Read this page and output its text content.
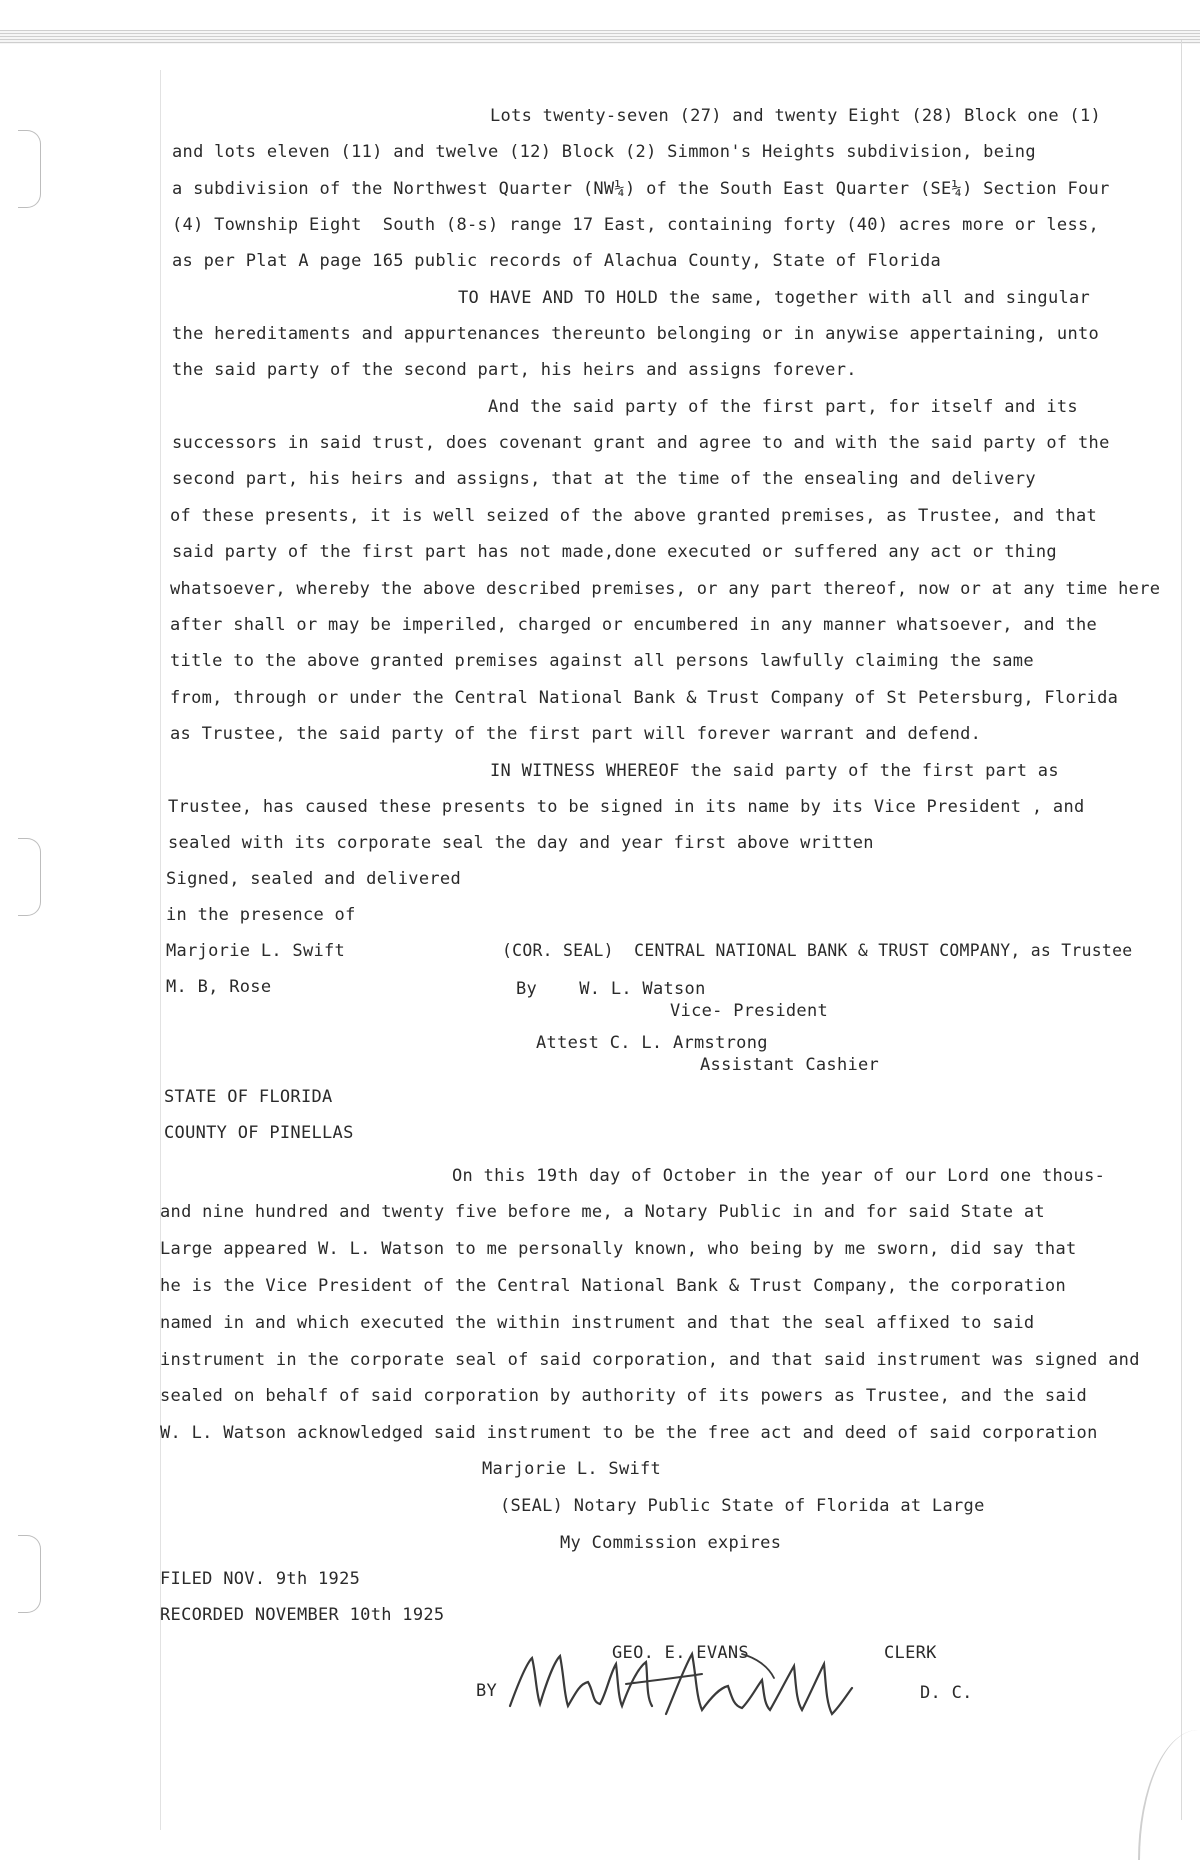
Lots twenty-seven (27) and twenty Eight (28) Block one (1)
and lots eleven (11) and twelve (12) Block (2) Simmon's Heights subdivision, being
a subdivision of the Northwest Quarter (NW¼) of the South East Quarter (SE¼) Section Four
(4) Township Eight  South (8-s) range 17 East, containing forty (40) acres more or less,
as per Plat A page 165 public records of Alachua County, State of Florida
TO HAVE AND TO HOLD the same, together with all and singular
the hereditaments and appurtenances thereunto belonging or in anywise appertaining, unto
the said party of the second part, his heirs and assigns forever.
And the said party of the first part, for itself and its
successors in said trust, does covenant grant and agree to and with the said party of the
second part, his heirs and assigns, that at the time of the ensealing and delivery
of these presents, it is well seized of the above granted premises, as Trustee, and that
said party of the first part has not made,done executed or suffered any act or thing
whatsoever, whereby the above described premises, or any part thereof, now or at any time here
after shall or may be imperiled, charged or encumbered in any manner whatsoever, and the
title to the above granted premises against all persons lawfully claiming the same
from, through or under the Central National Bank & Trust Company of St Petersburg, Florida
as Trustee, the said party of the first part will forever warrant and defend.
IN WITNESS WHEREOF the said party of the first part as
Trustee, has caused these presents to be signed in its name by its Vice President , and
sealed with its corporate seal the day and year first above written
Signed, sealed and delivered
in the presence of
Marjorie L. Swift
M. B, Rose
(COR. SEAL)  CENTRAL NATIONAL BANK & TRUST COMPANY, as Trustee
By    W. L. Watson
Vice- President
Attest C. L. Armstrong
Assistant Cashier
STATE OF FLORIDA
COUNTY OF PINELLAS
On this 19th day of October in the year of our Lord one thous-
and nine hundred and twenty five before me, a Notary Public in and for said State at
Large appeared W. L. Watson to me personally known, who being by me sworn, did say that
he is the Vice President of the Central National Bank & Trust Company, the corporation
named in and which executed the within instrument and that the seal affixed to said
instrument in the corporate seal of said corporation, and that said instrument was signed and
sealed on behalf of said corporation by authority of its powers as Trustee, and the said
W. L. Watson acknowledged said instrument to be the free act and deed of said corporation
Marjorie L. Swift
(SEAL) Notary Public State of Florida at Large
My Commission expires
FILED NOV. 9th 1925
RECORDED NOVEMBER 10th 1925
GEO. E. EVANS	CLERK
BY	D. C.
